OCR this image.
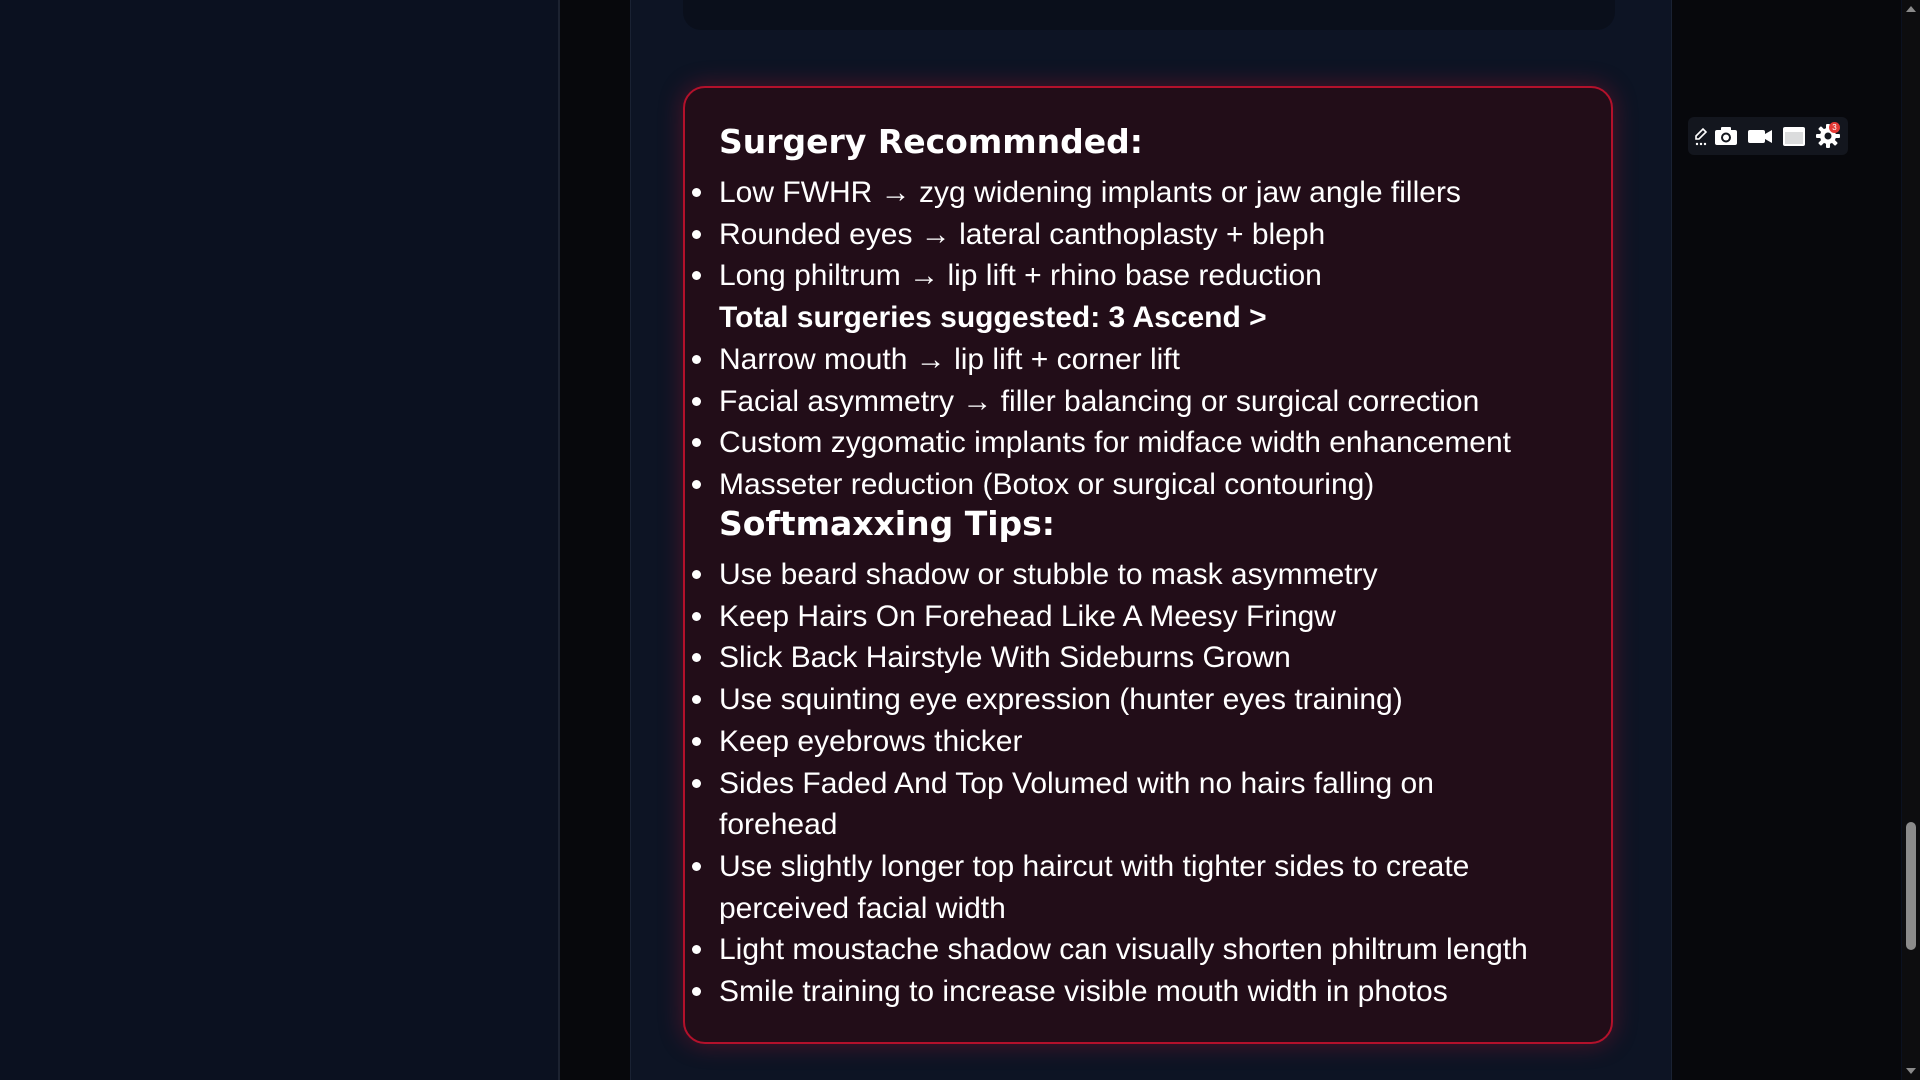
Surgery Recommnded:
Low FWHR → zyg widening implants or jaw angle fillers
Rounded eyes → lateral canthoplasty + bleph
Long philtrum → lip lift + rhino base reduction
Total surgeries suggested: 3 Ascend >
Narrow mouth → lip lift + corner lift
Facial asymmetry → filler balancing or surgical correction
Custom zygomatic implants for midface width enhancement
Masseter reduction (Botox or surgical contouring)
Softmaxxing Tips:
Use beard shadow or stubble to mask asymmetry
Keep Hairs On Forehead Like A Meesy Fringw
Slick Back Hairstyle With Sideburns Grown
Use squinting eye expression (hunter eyes training)
Keep eyebrows thicker
Sides Faded And Top Volumed with no hairs falling on forehead
Use slightly longer top haircut with tighter sides to create perceived facial width
Light moustache shadow can visually shorten philtrum length
Smile training to increase visible mouth width in photos
3
